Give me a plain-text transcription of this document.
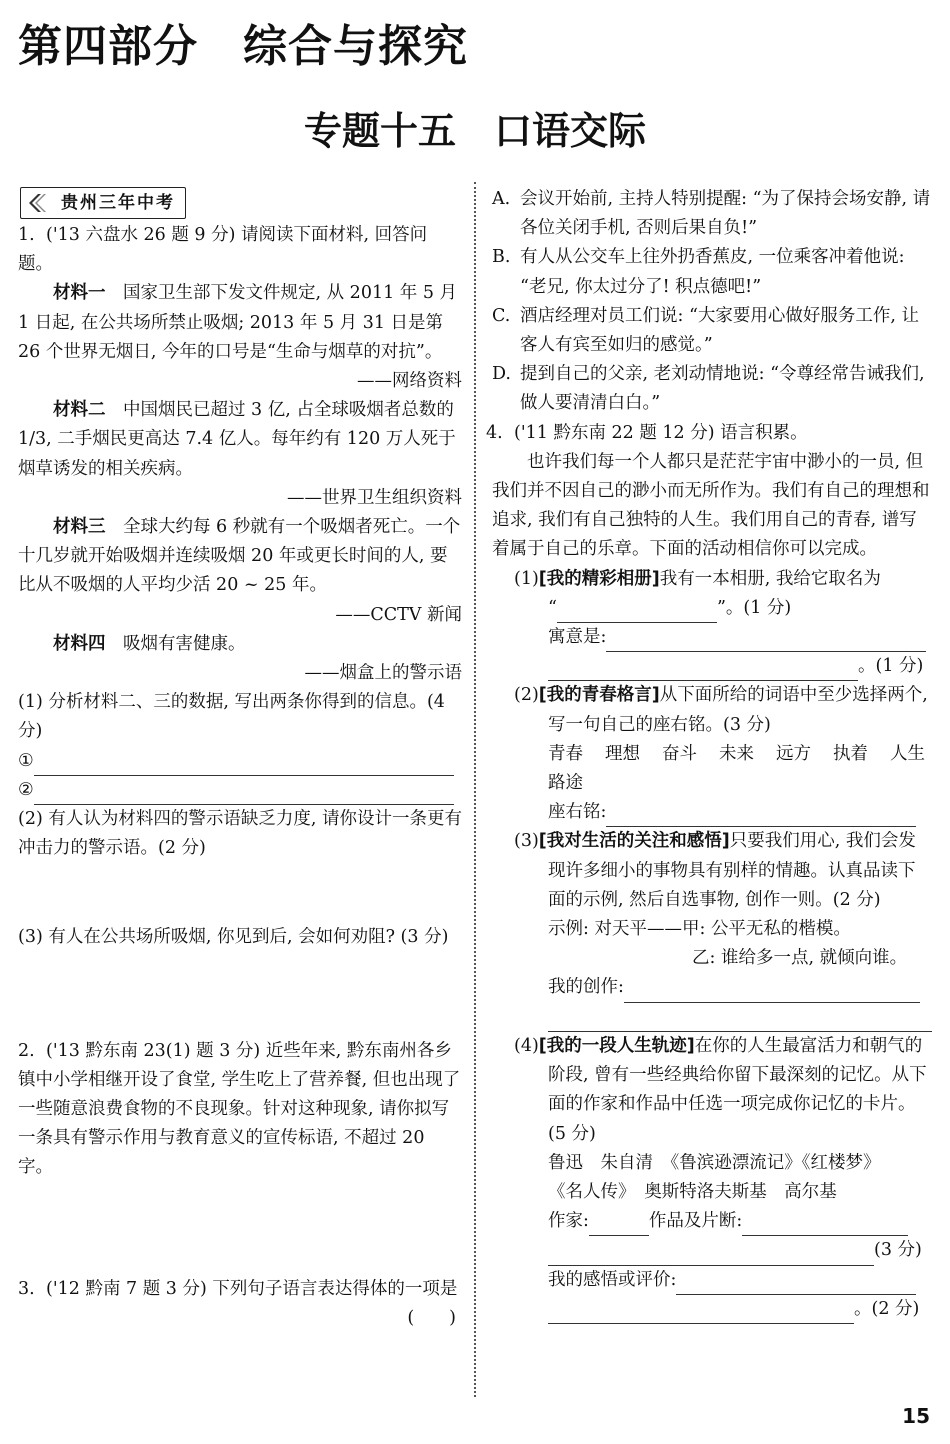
第四部分　综合与探究
专题十五　口语交际
贵州三年中考

1. ('13 六盘水 26 题 9 分) 请阅读下面材料, 回答问题。

材料一　 国家卫生部下发文件规定, 从 2011 年 5 月 1 日起, 在公共场所禁止吸烟; 2013 年 5 月 31 日是第 26 个世界无烟日, 今年的口号是“生命与烟草的对抗”。

——网络资料

材料二　 中国烟民已超过 3 亿, 占全球吸烟者总数的 1/3, 二手烟民更高达 7.4 亿人。每年约有 120 万人死于烟草诱发的相关疾病。

——世界卫生组织资料

材料三　 全球大约每 6 秒就有一个吸烟者死亡。一个十几岁就开始吸烟并连续吸烟 20 年或更长时间的人, 要比从不吸烟的人平均少活 20 ~ 25 年。

——CCTV 新闻

材料四　 吸烟有害健康。

——烟盒上的警示语

(1) 分析材料二、三的数据, 写出两条你得到的信息。(4 分)

①

②

(2) 有人认为材料四的警示语缺乏力度, 请你设计一条更有冲击力的警示语。(2 分)

(3) 有人在公共场所吸烟, 你见到后, 会如何劝阻? (3 分)

2. ('13 黔东南 23(1) 题 3 分) 近些年来, 黔东南州各乡镇中小学相继开设了食堂, 学生吃上了营养餐, 但也出现了一些随意浪费食物的不良现象。针对这种现象, 请你拟写一条具有警示作用与教育意义的宣传标语, 不超过 20 字。

3. ('12 黔南 7 题 3 分) 下列句子语言表达得体的一项是
(　　)

A. 会议开始前, 主持人特别提醒: “为了保持会场安静, 请各位关闭手机, 否则后果自负!”

B. 有人从公交车上往外扔香蕉皮, 一位乘客冲着他说: “老兄, 你太过分了! 积点德吧!”

C. 酒店经理对员工们说: “大家要用心做好服务工作, 让客人有宾至如归的感觉。”

D. 提到自己的父亲, 老刘动情地说: “令尊经常告诫我们, 做人要清清白白。”

4. ('11 黔东南 22 题 12 分) 语言积累。

也许我们每一个人都只是茫茫宇宙中渺小的一员, 但我们并不因自己的渺小而无所作为。我们有自己的理想和追求, 我们有自己独特的人生。我们用自己的青春, 谱写着属于自己的乐章。下面的活动相信你可以完成。

(1)[我的精彩相册]我有一本相册, 我给它取名为

“	”。(1 分)

寓意是:

。(1 分)

(2)[我的青春格言]从下面所给的词语中至少选择两个, 写一句自己的座右铭。(3 分)

青春 理想 奋斗 未来 远方 执着 人生路途

座右铭:

(3)[我对生活的关注和感悟]只要我们用心, 我们会发现许多细小的事物具有别样的情趣。认真品读下面的示例, 然后自选事物, 创作一则。(2 分)

示例: 对天平——甲: 公平无私的楷模。

乙: 谁给多一点, 就倾向谁。

我的创作:

(4)[我的一段人生轨迹]在你的人生最富活力和朝气的阶段, 曾有一些经典给你留下最深刻的记忆。从下面的作家和作品中任选一项完成你记忆的卡片。(5 分)

鲁迅　朱自清　《鲁滨逊漂流记》《红楼梦》

《名人传》　奥斯特洛夫斯基　高尔基

作家:	作品及片断:

(3 分)

我的感悟或评价:

。(2 分)

15
